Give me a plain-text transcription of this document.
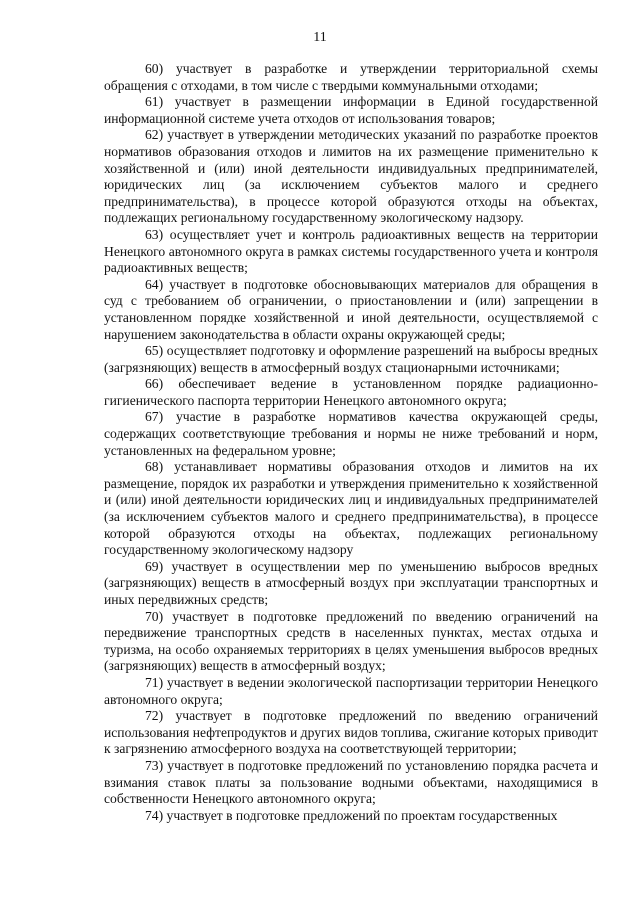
11

60) участвует в разработке и утверждении территориальной схемы обращения с отходами, в том числе с твердыми коммунальными отходами;

61) участвует в размещении информации в Единой государственной информационной системе учета отходов от использования товаров;

62) участвует в утверждении методических указаний по разработке проектов нормативов образования отходов и лимитов на их размещение применительно к хозяйственной и (или) иной деятельности индивидуальных предпринимателей, юридических лиц (за исключением субъектов малого и среднего предпринимательства), в процессе которой образуются отходы на объектах, подлежащих региональному государственному экологическому надзору.

63) осуществляет учет и контроль радиоактивных веществ на территории Ненецкого автономного округа в рамках системы государственного учета и контроля радиоактивных веществ;

64) участвует в подготовке обосновывающих материалов для обращения в суд с требованием об ограничении, о приостановлении и (или) запрещении в установленном порядке хозяйственной и иной деятельности, осуществляемой с нарушением законодательства в области охраны окружающей среды;

65) осуществляет подготовку и оформление разрешений на выбросы вредных (загрязняющих) веществ в атмосферный воздух стационарными источниками;

66) обеспечивает ведение в установленном порядке радиационно-гигиенического паспорта территории Ненецкого автономного округа;

67) участие в разработке нормативов качества окружающей среды, содержащих соответствующие требования и нормы не ниже требований и норм, установленных на федеральном уровне;

68) устанавливает нормативы образования отходов и лимитов на их размещение, порядок их разработки и утверждения применительно к хозяйственной и (или) иной деятельности юридических лиц и индивидуальных предпринимателей (за исключением субъектов малого и среднего предпринимательства), в процессе которой образуются отходы на объектах, подлежащих региональному государственному экологическому надзору

69) участвует в осуществлении мер по уменьшению выбросов вредных (загрязняющих) веществ в атмосферный воздух при эксплуатации транспортных и иных передвижных средств;

70) участвует в подготовке предложений по введению ограничений на передвижение транспортных средств в населенных пунктах, местах отдыха и туризма, на особо охраняемых территориях в целях уменьшения выбросов вредных (загрязняющих) веществ в атмосферный воздух;

71) участвует в ведении экологической паспортизации территории Ненецкого автономного округа;

72) участвует в подготовке предложений по введению ограничений использования нефтепродуктов и других видов топлива, сжигание которых приводит к загрязнению атмосферного воздуха на соответствующей территории;

73) участвует в подготовке предложений по установлению порядка расчета и взимания ставок платы за пользование водными объектами, находящимися в собственности Ненецкого автономного округа;

74) участвует в подготовке предложений по проектам государственных
